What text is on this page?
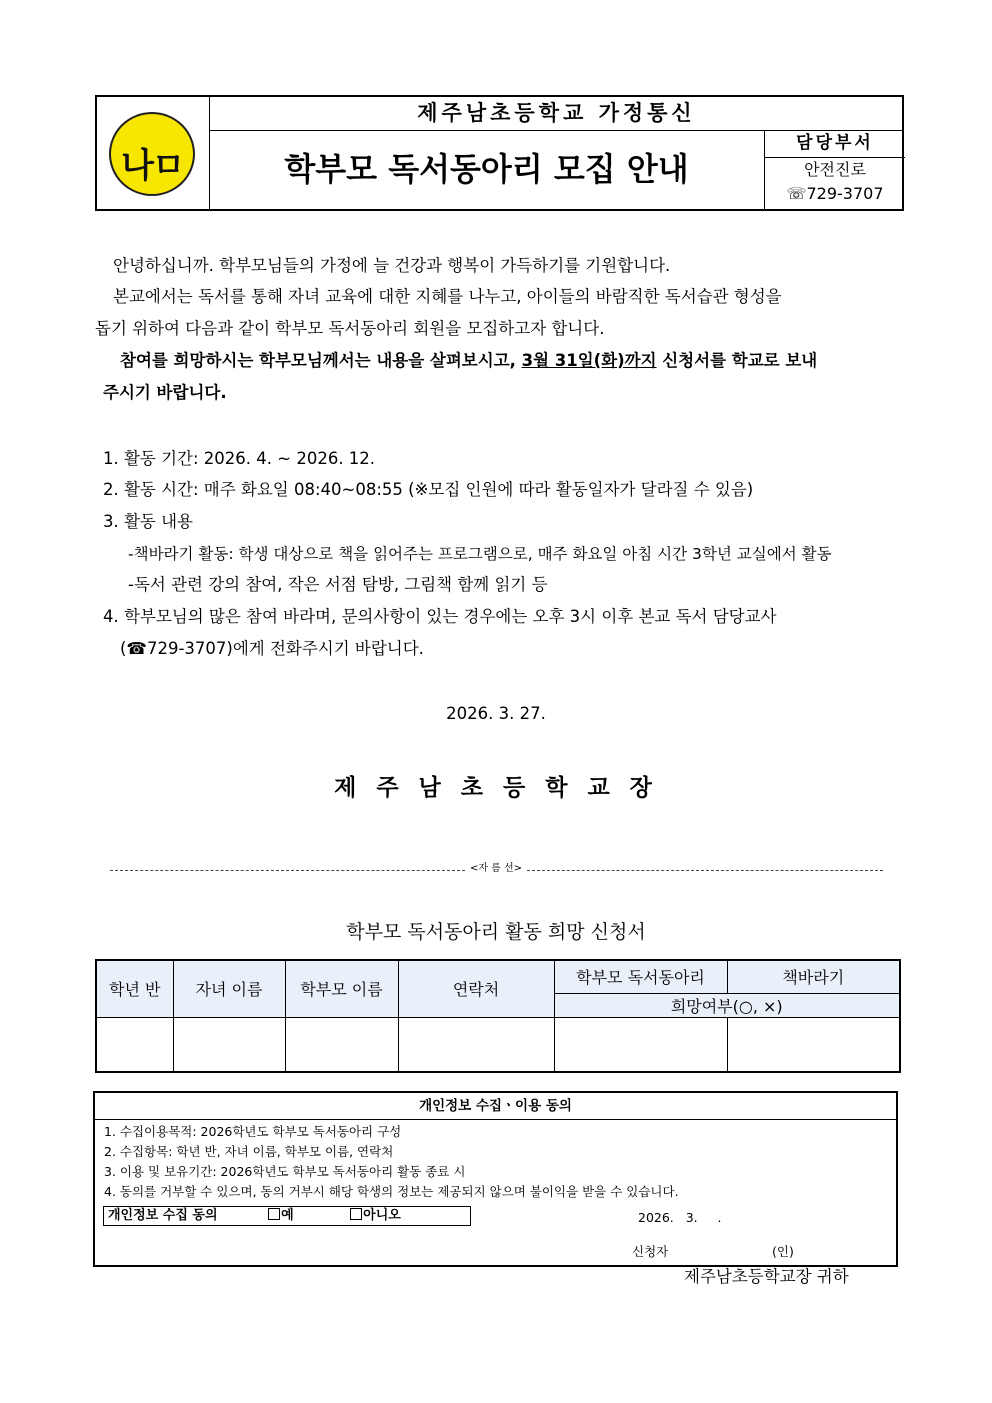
나ㅁ
제주남초등학교 가정통신
학부모 독서동아리 모집 안내
담당부서
안전진로
☏729-3707
안녕하십니까. 학부모님들의 가정에 늘 건강과 행복이 가득하기를 기원합니다.
본교에서는 독서를 통해 자녀 교육에 대한 지혜를 나누고, 아이들의 바람직한 독서습관 형성을
돕기 위하여 다음과 같이 학부모 독서동아리 회원을 모집하고자 합니다.
참여를 희망하시는 학부모님께서는 내용을 살펴보시고, 3월 31일(화)까지 신청서를 학교로 보내
주시기 바랍니다.
1. 활동 기간: 2026. 4. ~ 2026. 12.
2. 활동 시간: 매주 화요일 08:40~08:55 (※모집 인원에 따라 활동일자가 달라질 수 있음)
3. 활동 내용
-책바라기 활동: 학생 대상으로 책을 읽어주는 프로그램으로, 매주 화요일 아침 시간 3학년 교실에서 활동
-독서 관련 강의 참여, 작은 서점 탐방, 그림책 함께 읽기 등
4. 학부모님의 많은 참여 바라며, 문의사항이 있는 경우에는 오후 3시 이후 본교 독서 담당교사
(☎729-3707)에게 전화주시기 바랍니다.
2026. 3. 27.
제 주 남 초 등 학 교 장
<자 름 선>
학부모 독서동아리 활동 희망 신청서
학년 반	자녀 이름	학부모 이름	연락처	학부모 독서동아리	책바라기
				희망여부(○, ×)	

개인정보 수집ㆍ이용 동의
1. 수집이용목적: 2026학년도 학부모 독서동아리 구성
2. 수집항목: 학년 반, 자녀 이름, 학부모 이름, 연락처
3. 이용 및 보유기간: 2026학년도 학부모 독서동아리 활동 종료 시
4. 동의를 거부할 수 있으며, 동의 거부시 해당 학생의 정보는 제공되지 않으며 불이익을 받을 수 있습니다.
개인정보 수집 동의	예	아니오	2026.   3.     .
신청자	(인)
제주남초등학교장 귀하
